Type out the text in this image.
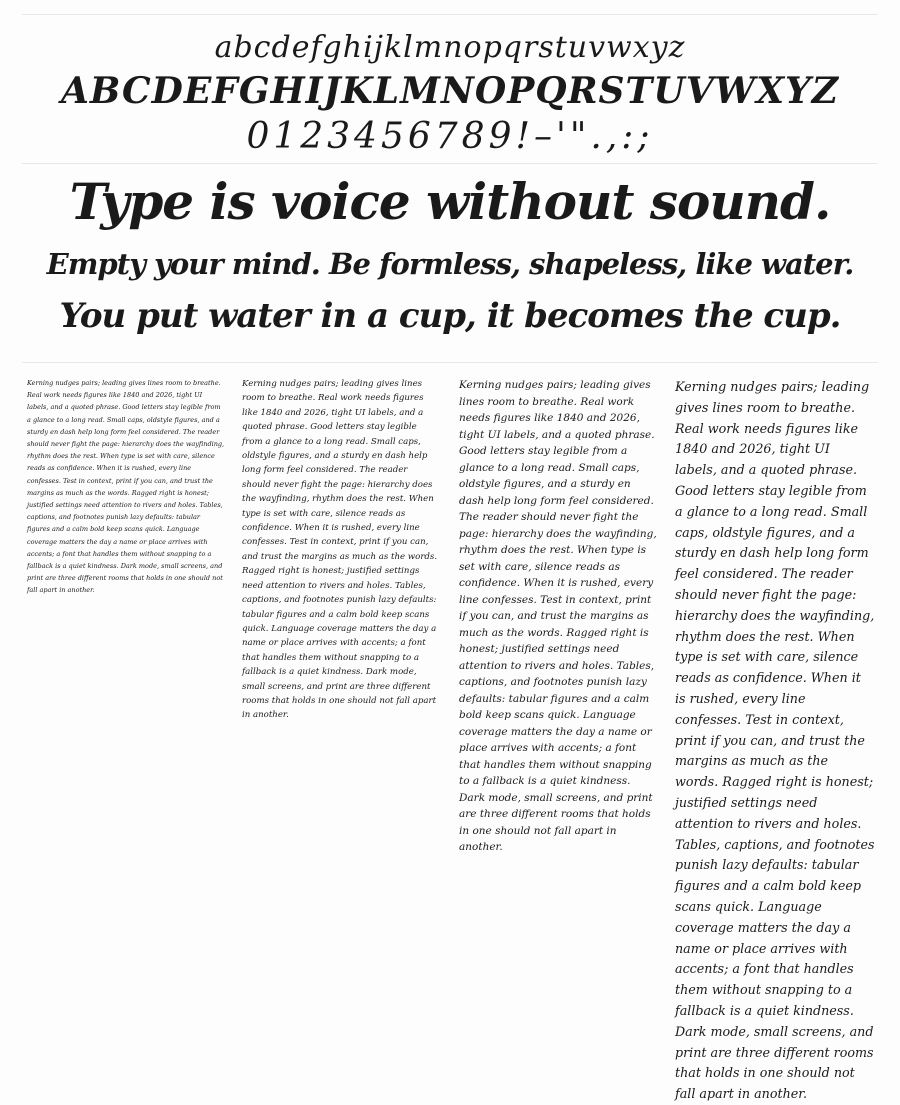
abcdefghijklmnopqrstuvwxyz
ABCDEFGHIJKLMNOPQRSTUVWXYZ
0123456789!–'".,:;
Type is voice without sound.
Empty your mind. Be formless, shapeless, like water.
You put water in a cup, it becomes the cup.
Kerning nudges pairs; leading gives lines room to breathe. Real work needs figures like 1840 and 2026, tight UI labels, and a quoted phrase. Good letters stay legible from a glance to a long read. Small caps, oldstyle figures, and a sturdy en dash help long form feel considered. The reader should never fight the page: hierarchy does the wayfinding, rhythm does the rest. When type is set with care, silence reads as confidence. When it is rushed, every line confesses. Test in context, print if you can, and trust the margins as much as the words. Ragged right is honest; justified settings need attention to rivers and holes. Tables, captions, and footnotes punish lazy defaults: tabular figures and a calm bold keep scans quick. Language coverage matters the day a name or place arrives with accents; a font that handles them without snapping to a fallback is a quiet kindness. Dark mode, small screens, and print are three different rooms that holds in one should not fall apart in another.
Kerning nudges pairs; leading gives lines room to breathe. Real work needs figures like 1840 and 2026, tight UI labels, and a quoted phrase. Good letters stay legible from a glance to a long read. Small caps, oldstyle figures, and a sturdy en dash help long form feel considered. The reader should never fight the page: hierarchy does the wayfinding, rhythm does the rest. When type is set with care, silence reads as confidence. When it is rushed, every line confesses. Test in context, print if you can, and trust the margins as much as the words. Ragged right is honest; justified settings need attention to rivers and holes. Tables, captions, and footnotes punish lazy defaults: tabular figures and a calm bold keep scans quick. Language coverage matters the day a name or place arrives with accents; a font that handles them without snapping to a fallback is a quiet kindness. Dark mode, small screens, and print are three different rooms that holds in one should not fall apart in another.
Kerning nudges pairs; leading gives lines room to breathe. Real work needs figures like 1840 and 2026, tight UI labels, and a quoted phrase. Good letters stay legible from a glance to a long read. Small caps, oldstyle figures, and a sturdy en dash help long form feel considered. The reader should never fight the page: hierarchy does the wayfinding, rhythm does the rest. When type is set with care, silence reads as confidence. When it is rushed, every line confesses. Test in context, print if you can, and trust the margins as much as the words. Ragged right is honest; justified settings need attention to rivers and holes. Tables, captions, and footnotes punish lazy defaults: tabular figures and a calm bold keep scans quick. Language coverage matters the day a name or place arrives with accents; a font that handles them without snapping to a fallback is a quiet kindness. Dark mode, small screens, and print are three different rooms that holds in one should not fall apart in another.
Kerning nudges pairs; leading gives lines room to breathe. Real work needs figures like 1840 and 2026, tight UI labels, and a quoted phrase. Good letters stay legible from a glance to a long read. Small caps, oldstyle figures, and a sturdy en dash help long form feel considered. The reader should never fight the page: hierarchy does the wayfinding, rhythm does the rest. When type is set with care, silence reads as confidence. When it is rushed, every line confesses. Test in context, print if you can, and trust the margins as much as the words. Ragged right is honest; justified settings need attention to rivers and holes. Tables, captions, and footnotes punish lazy defaults: tabular figures and a calm bold keep scans quick. Language coverage matters the day a name or place arrives with accents; a font that handles them without snapping to a fallback is a quiet kindness. Dark mode, small screens, and print are three different rooms that holds in one should not fall apart in another.
